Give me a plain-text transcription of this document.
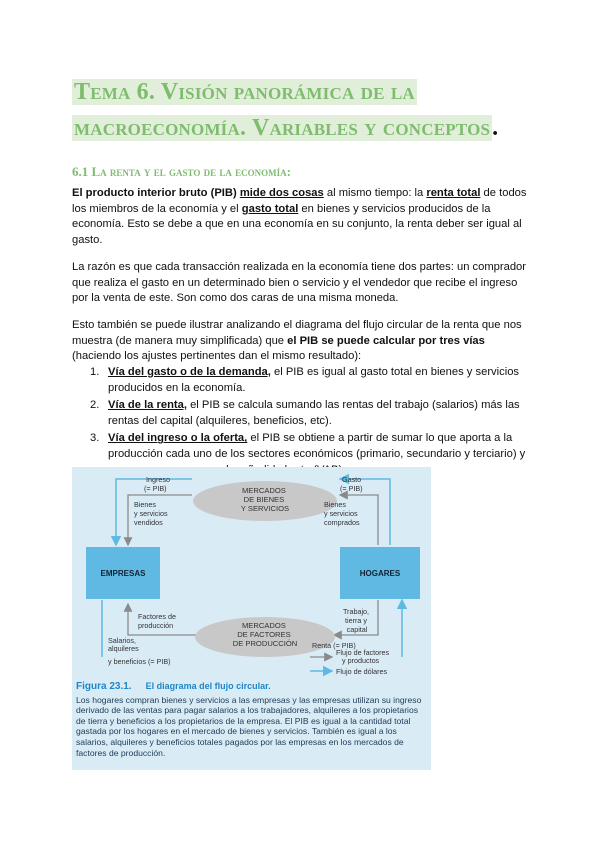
Tema 6. Visión panorámica de la macroeconomía. Variables y conceptos.
6.1 La renta y el gasto de la economía:

El producto interior bruto (PIB) mide dos cosas al mismo tiempo: la renta total de todos los miembros de la economía y el gasto total en bienes y servicios producidos de la economía. Esto se debe a que en una economía en su conjunto, la renta deber ser igual al gasto.

La razón es que cada transacción realizada en la economía tiene dos partes: un comprador que realiza el gasto en un determinado bien o servicio y el vendedor que recibe el ingreso por la venta de este. Son como dos caras de una misma moneda.

Esto también se puede ilustrar analizando el diagrama del flujo circular de la renta que nos muestra (de manera muy simplificada) que el PIB se puede calcular por tres vías (haciendo los ajustes pertinentes dan el mismo resultado):

1. Vía del gasto o de la demanda, el PIB es igual al gasto total en bienes y servicios producidos en la economía.
2. Vía de la renta, el PIB se calcula sumando las rentas del trabajo (salarios) más las rentas del capital (alquileres, beneficios, etc).
3. Vía del ingreso o la oferta, el PIB se obtiene a partir de sumar lo que aporta a la producción cada uno de los sectores económicos (primario, secundario y terciario) y
MERCADOS DE BIENES Y SERVICIOS
MERCADOS DE FACTORES DE PRODUCCIÓN
EMPRESAS	HOGARES
Ingreso (= PIB)
Gasto (= PIB)
Bienes y servicios vendidos
Bienes y servicios comprados
Factores de producción
Trabajo, tierra y capital
Salarios, alquileres	Renta (= PIB)
y beneficios (= PIB)
Flujo de factores y productos
Flujo de dólares
Figura 23.1. El diagrama del flujo circular.

Los hogares compran bienes y servicios a las empresas y las empresas utilizan su ingreso derivado de las ventas para pagar salarios a los trabajadores, alquileres a los propietarios de tierra y beneficios a los propietarios de la empresa. El PIB es igual a la cantidad total gastada por los hogares en el mercado de bienes y servicios. También es igual a los salarios, alquileres y beneficios totales pagados por las empresas en los mercados de factores de producción.
